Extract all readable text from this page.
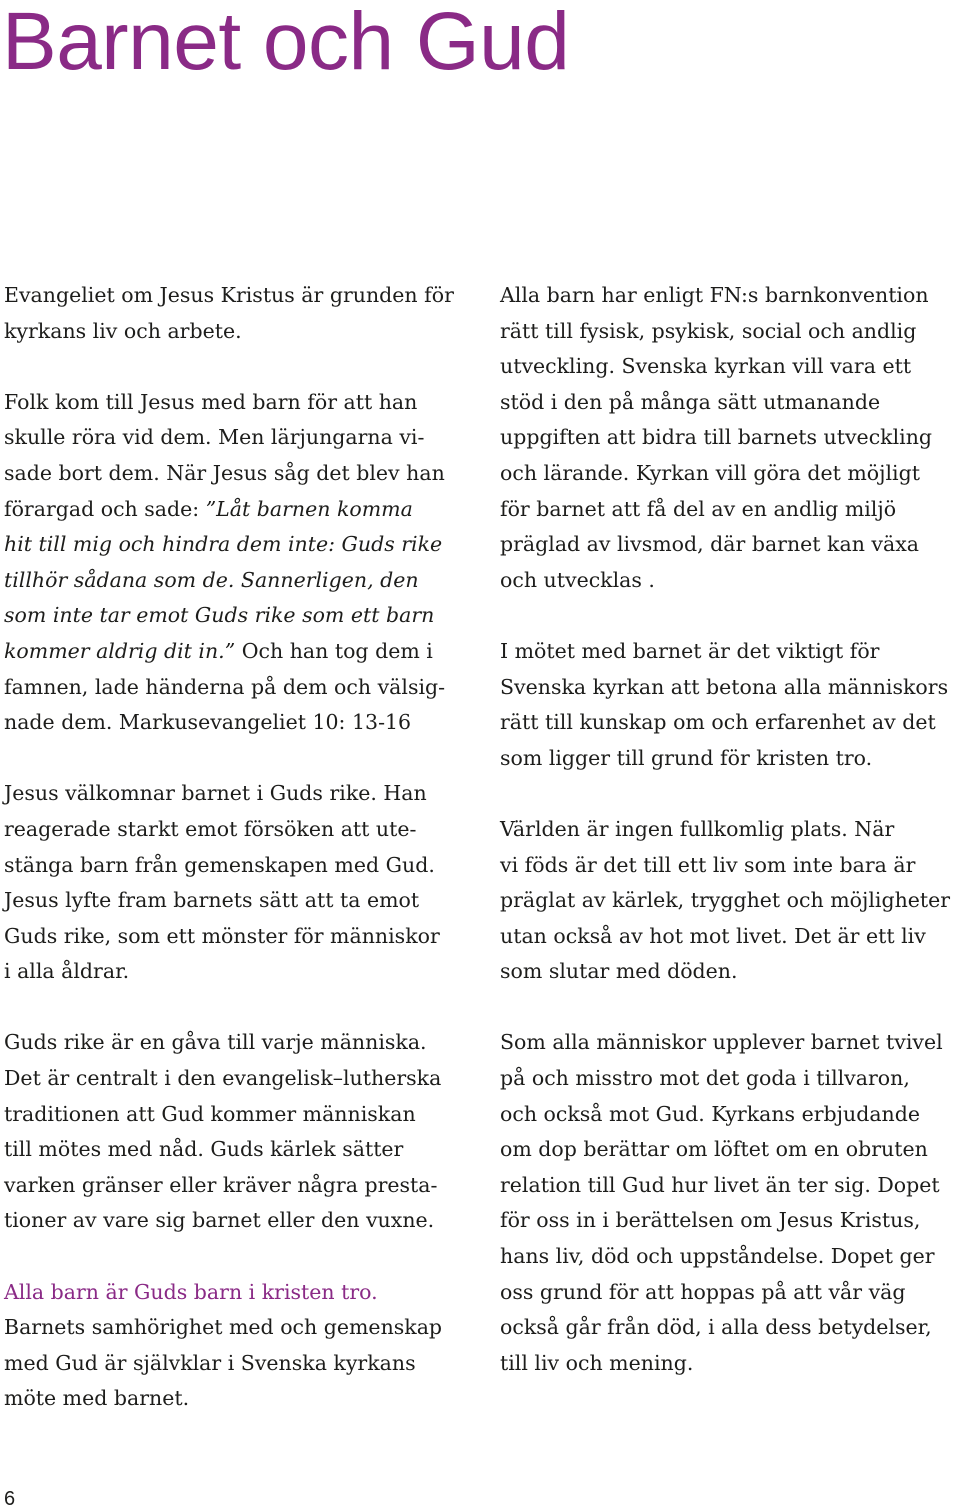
Barnet och Gud

Evangeliet om Jesus Kristus är grunden för
kyrkans liv och arbete.

Folk kom till Jesus med barn för att han
skulle röra vid dem. Men lärjungarna vi-
sade bort dem. När Jesus såg det blev han
förargad och sade: ”Låt barnen komma
hit till mig och hindra dem inte: Guds rike
tillhör sådana som de. Sannerligen, den
som inte tar emot Guds rike som ett barn
kommer aldrig dit in.” Och han tog dem i
famnen, lade händerna på dem och välsig-
nade dem. Markusevangeliet 10: 13-16

Jesus välkomnar barnet i Guds rike. Han
reagerade starkt emot försöken att ute-
stänga barn från gemenskapen med Gud.
Jesus lyfte fram barnets sätt att ta emot
Guds rike, som ett mönster för människor
i alla åldrar.

Guds rike är en gåva till varje människa.
Det är centralt i den evangelisk–lutherska
traditionen att Gud kommer människan
till mötes med nåd. Guds kärlek sätter
varken gränser eller kräver några presta-
tioner av vare sig barnet eller den vuxne.

Alla barn är Guds barn i kristen tro.
Barnets samhörighet med och gemenskap
med Gud är självklar i Svenska kyrkans
möte med barnet.

Alla barn har enligt FN:s barnkonvention
rätt till fysisk, psykisk, social och andlig
utveckling. Svenska kyrkan vill vara ett
stöd i den på många sätt utmanande
uppgiften att bidra till barnets utveckling
och lärande. Kyrkan vill göra det möjligt
för barnet att få del av en andlig miljö
präglad av livsmod, där barnet kan växa
och utvecklas .

I mötet med barnet är det viktigt för
Svenska kyrkan att betona alla människors
rätt till kunskap om och erfarenhet av det
som ligger till grund för kristen tro.

Världen är ingen fullkomlig plats. När
vi föds är det till ett liv som inte bara är
präglat av kärlek, trygghet och möjligheter
utan också av hot mot livet. Det är ett liv
som slutar med döden.

Som alla människor upplever barnet tvivel
på och misstro mot det goda i tillvaron,
och också mot Gud. Kyrkans erbjudande
om dop berättar om löftet om en obruten
relation till Gud hur livet än ter sig. Dopet
för oss in i berättelsen om Jesus Kristus,
hans liv, död och uppståndelse. Dopet ger
oss grund för att hoppas på att vår väg
också går från död, i alla dess betydelser,
till liv och mening.

6
